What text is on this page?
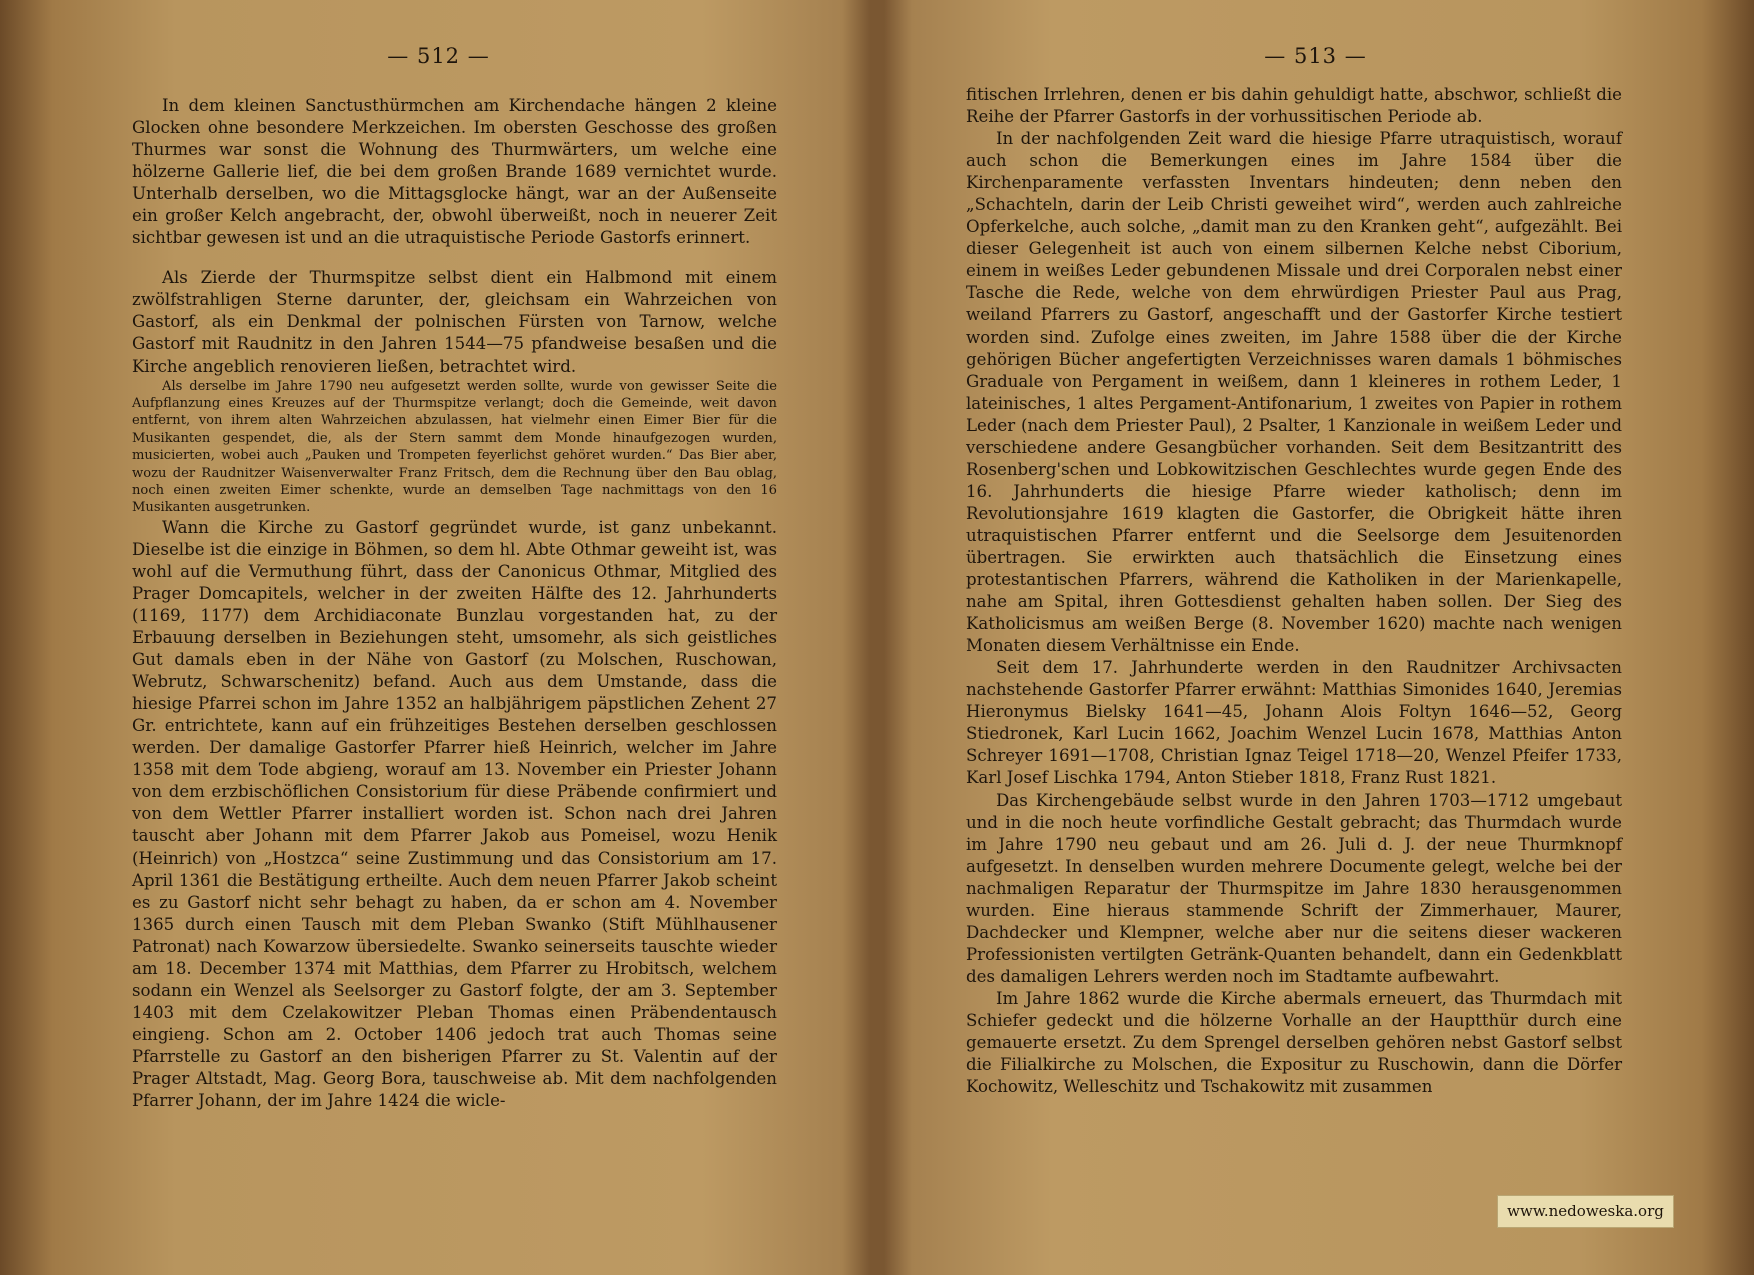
— 512 —

In dem kleinen Sanctusthürmchen am Kirchendache hängen 2 kleine Glocken ohne besondere Merkzeichen. Im obersten Geschosse des großen Thurmes war sonst die Wohnung des Thurmwärters, um welche eine hölzerne Gallerie lief, die bei dem großen Brande 1689 vernichtet wurde. Unterhalb derselben, wo die Mittagsglocke hängt, war an der Außenseite ein großer Kelch angebracht, der, obwohl überweißt, noch in neuerer Zeit sichtbar gewesen ist und an die utraquistische Periode Gastorfs erinnert.

Als Zierde der Thurmspitze selbst dient ein Halbmond mit einem zwölfstrahligen Sterne darunter, der, gleichsam ein Wahrzeichen von Gastorf, als ein Denkmal der polnischen Fürsten von Tarnow, welche Gastorf mit Raudnitz in den Jahren 1544—75 pfandweise besaßen und die Kirche angeblich renovieren ließen, betrachtet wird.

Als derselbe im Jahre 1790 neu aufgesetzt werden sollte, wurde von gewisser Seite die Aufpflanzung eines Kreuzes auf der Thurmspitze verlangt; doch die Gemeinde, weit davon entfernt, von ihrem alten Wahrzeichen abzulassen, hat vielmehr einen Eimer Bier für die Musikanten gespendet, die, als der Stern sammt dem Monde hinaufgezogen wurden, musicierten, wobei auch „Pauken und Trompeten feyerlichst gehöret wurden.“ Das Bier aber, wozu der Raudnitzer Waisenverwalter Franz Fritsch, dem die Rechnung über den Bau oblag, noch einen zweiten Eimer schenkte, wurde an demselben Tage nachmittags von den 16 Musikanten ausgetrunken.

Wann die Kirche zu Gastorf gegründet wurde, ist ganz unbekannt. Dieselbe ist die einzige in Böhmen, so dem hl. Abte Othmar geweiht ist, was wohl auf die Vermuthung führt, dass der Canonicus Othmar, Mitglied des Prager Domcapitels, welcher in der zweiten Hälfte des 12. Jahrhunderts (1169, 1177) dem Archidiaconate Bunzlau vorgestanden hat, zu der Erbauung derselben in Beziehungen steht, umsomehr, als sich geistliches Gut damals eben in der Nähe von Gastorf (zu Molschen, Ruschowan, Webrutz, Schwarschenitz) befand. Auch aus dem Umstande, dass die hiesige Pfarrei schon im Jahre 1352 an halbjährigem päpstlichen Zehent 27 Gr. entrichtete, kann auf ein frühzeitiges Bestehen derselben geschlossen werden. Der damalige Gastorfer Pfarrer hieß Heinrich, welcher im Jahre 1358 mit dem Tode abgieng, worauf am 13. November ein Priester Johann von dem erzbischöflichen Consistorium für diese Präbende confirmiert und von dem Wettler Pfarrer installiert worden ist. Schon nach drei Jahren tauscht aber Johann mit dem Pfarrer Jakob aus Pomeisel, wozu Henik (Heinrich) von „Hostzca“ seine Zustimmung und das Consistorium am 17. April 1361 die Bestätigung ertheilte. Auch dem neuen Pfarrer Jakob scheint es zu Gastorf nicht sehr behagt zu haben, da er schon am 4. November 1365 durch einen Tausch mit dem Pleban Swanko (Stift Mühlhausener Patronat) nach Kowarzow übersiedelte. Swanko seinerseits tauschte wieder am 18. December 1374 mit Matthias, dem Pfarrer zu Hrobitsch, welchem sodann ein Wenzel als Seelsorger zu Gastorf folgte, der am 3. September 1403 mit dem Czelakowitzer Pleban Thomas einen Präbendentausch eingieng. Schon am 2. October 1406 jedoch trat auch Thomas seine Pfarrstelle zu Gastorf an den bisherigen Pfarrer zu St. Valentin auf der Prager Altstadt, Mag. Georg Bora, tauschweise ab. Mit dem nachfolgenden Pfarrer Johann, der im Jahre 1424 die wicle-

— 513 —

fitischen Irrlehren, denen er bis dahin gehuldigt hatte, abschwor, schließt die Reihe der Pfarrer Gastorfs in der vorhussitischen Periode ab.

In der nachfolgenden Zeit ward die hiesige Pfarre utraquistisch, worauf auch schon die Bemerkungen eines im Jahre 1584 über die Kirchenparamente verfassten Inventars hindeuten; denn neben den „Schachteln, darin der Leib Christi geweihet wird“, werden auch zahlreiche Opferkelche, auch solche, „damit man zu den Kranken geht“, aufgezählt. Bei dieser Gelegenheit ist auch von einem silbernen Kelche nebst Ciborium, einem in weißes Leder gebundenen Missale und drei Corporalen nebst einer Tasche die Rede, welche von dem ehrwürdigen Priester Paul aus Prag, weiland Pfarrers zu Gastorf, angeschafft und der Gastorfer Kirche testiert worden sind. Zufolge eines zweiten, im Jahre 1588 über die der Kirche gehörigen Bücher angefertigten Verzeichnisses waren damals 1 böhmisches Graduale von Pergament in weißem, dann 1 kleineres in rothem Leder, 1 lateinisches, 1 altes Pergament-Antifonarium, 1 zweites von Papier in rothem Leder (nach dem Priester Paul), 2 Psalter, 1 Kanzionale in weißem Leder und verschiedene andere Gesangbücher vorhanden. Seit dem Besitzantritt des Rosenberg'schen und Lobkowitzischen Geschlechtes wurde gegen Ende des 16. Jahrhunderts die hiesige Pfarre wieder katholisch; denn im Revolutionsjahre 1619 klagten die Gastorfer, die Obrigkeit hätte ihren utraquistischen Pfarrer entfernt und die Seelsorge dem Jesuitenorden übertragen. Sie erwirkten auch thatsächlich die Einsetzung eines protestantischen Pfarrers, während die Katholiken in der Marienkapelle, nahe am Spital, ihren Gottesdienst gehalten haben sollen. Der Sieg des Katholicismus am weißen Berge (8. November 1620) machte nach wenigen Monaten diesem Verhältnisse ein Ende.

Seit dem 17. Jahrhunderte werden in den Raudnitzer Archivsacten nachstehende Gastorfer Pfarrer erwähnt: Matthias Simonides 1640, Jeremias Hieronymus Bielsky 1641—45, Johann Alois Foltyn 1646—52, Georg Stiedronek, Karl Lucin 1662, Joachim Wenzel Lucin 1678, Matthias Anton Schreyer 1691—1708, Christian Ignaz Teigel 1718—20, Wenzel Pfeifer 1733, Karl Josef Lischka 1794, Anton Stieber 1818, Franz Rust 1821.

Das Kirchengebäude selbst wurde in den Jahren 1703—1712 umgebaut und in die noch heute vorfindliche Gestalt gebracht; das Thurmdach wurde im Jahre 1790 neu gebaut und am 26. Juli d. J. der neue Thurmknopf aufgesetzt. In denselben wurden mehrere Documente gelegt, welche bei der nachmaligen Reparatur der Thurmspitze im Jahre 1830 herausgenommen wurden. Eine hieraus stammende Schrift der Zimmerhauer, Maurer, Dachdecker und Klempner, welche aber nur die seitens dieser wackeren Professionisten vertilgten Getränk-Quanten behandelt, dann ein Gedenkblatt des damaligen Lehrers werden noch im Stadtamte aufbewahrt.

Im Jahre 1862 wurde die Kirche abermals erneuert, das Thurmdach mit Schiefer gedeckt und die hölzerne Vorhalle an der Hauptthür durch eine gemauerte ersetzt. Zu dem Sprengel derselben gehören nebst Gastorf selbst die Filialkirche zu Molschen, die Expositur zu Ruschowin, dann die Dörfer Kochowitz, Welleschitz und Tschakowitz mit zusammen

www.nedoweska.org
